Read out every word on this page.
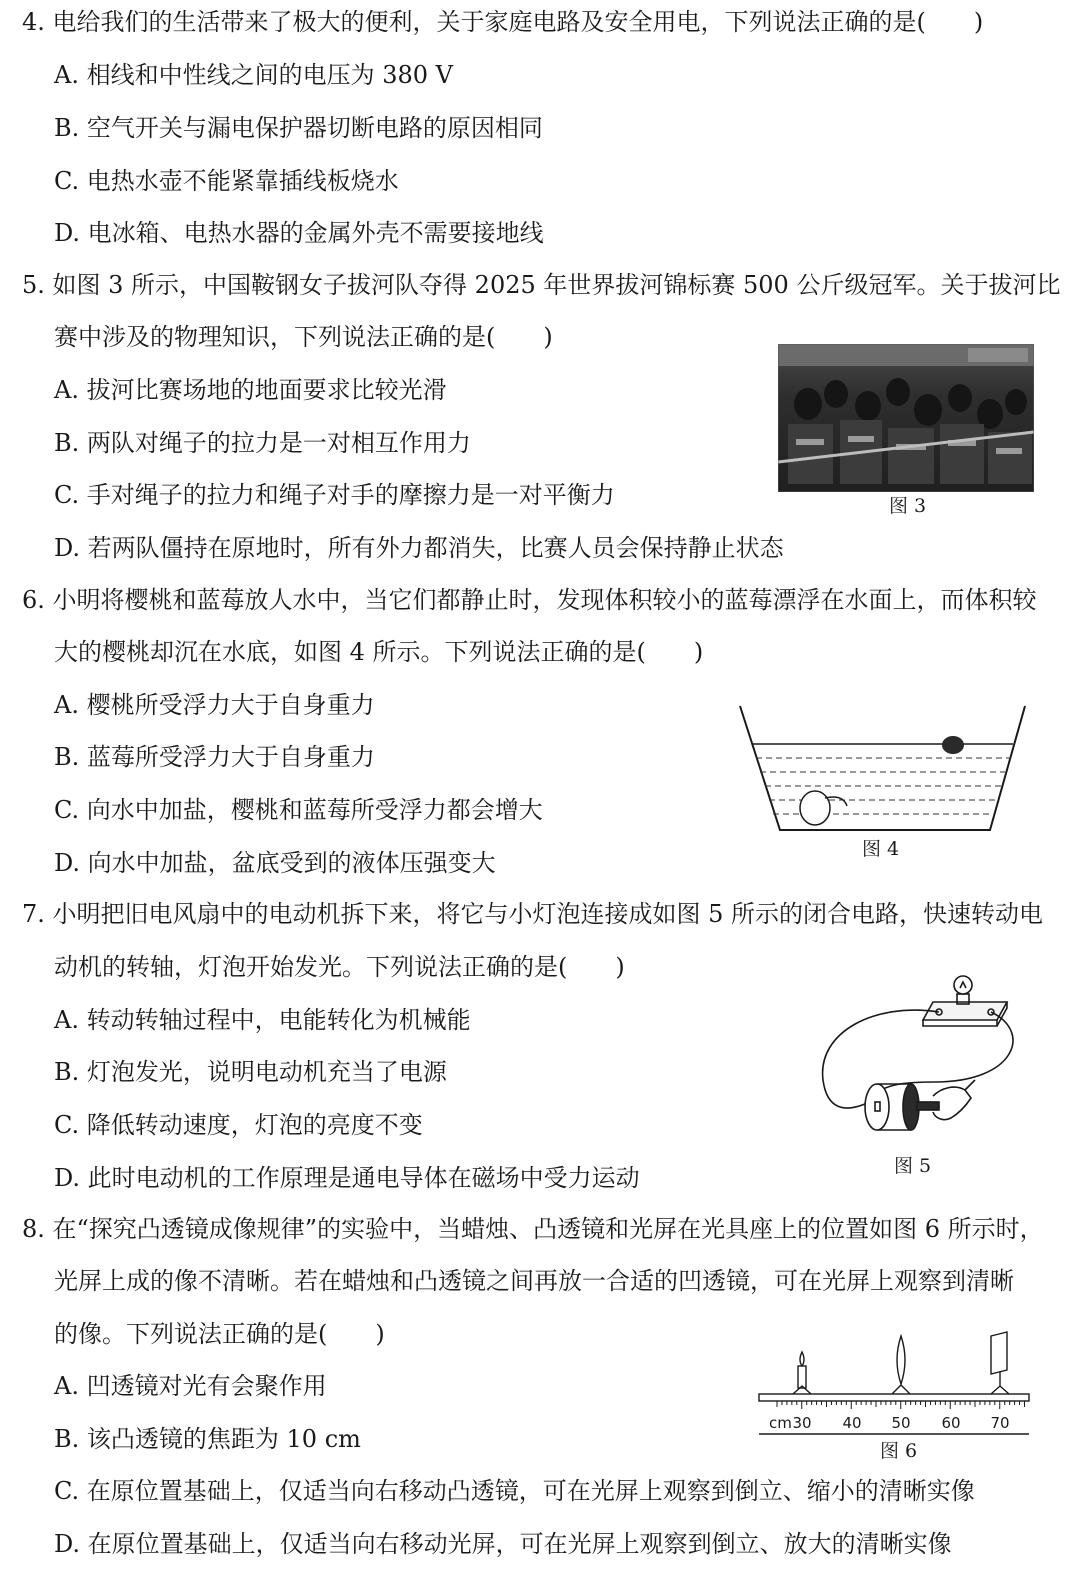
4. 电给我们的生活带来了极大的便利，关于家庭电路及安全用电，下列说法正确的是(　　)
A. 相线和中性线之间的电压为 380 V
B. 空气开关与漏电保护器切断电路的原因相同
C. 电热水壶不能紧靠插线板烧水
D. 电冰箱、电热水器的金属外壳不需要接地线
5. 如图 3 所示，中国鞍钢女子拔河队夺得 2025 年世界拔河锦标赛 500 公斤级冠军。关于拔河比
赛中涉及的物理知识，下列说法正确的是(　　)
A. 拔河比赛场地的地面要求比较光滑
B. 两队对绳子的拉力是一对相互作用力
C. 手对绳子的拉力和绳子对手的摩擦力是一对平衡力
D. 若两队僵持在原地时，所有外力都消失，比赛人员会保持静止状态
图 3
6. 小明将樱桃和蓝莓放人水中，当它们都静止时，发现体积较小的蓝莓漂浮在水面上，而体积较
大的樱桃却沉在水底，如图 4 所示。下列说法正确的是(　　)
A. 樱桃所受浮力大于自身重力
B. 蓝莓所受浮力大于自身重力
C. 向水中加盐，樱桃和蓝莓所受浮力都会增大
D. 向水中加盐，盆底受到的液体压强变大	图 4
7. 小明把旧电风扇中的电动机拆下来，将它与小灯泡连接成如图 5 所示的闭合电路，快速转动电
动机的转轴，灯泡开始发光。下列说法正确的是(　　)
A. 转动转轴过程中，电能转化为机械能
B. 灯泡发光，说明电动机充当了电源
C. 降低转动速度，灯泡的亮度不变
D. 此时电动机的工作原理是通电导体在磁场中受力运动	图 5
8. 在“探究凸透镜成像规律”的实验中，当蜡烛、凸透镜和光屏在光具座上的位置如图 6 所示时，
光屏上成的像不清晰。若在蜡烛和凸透镜之间再放一合适的凹透镜，可在光屏上观察到清晰
的像。下列说法正确的是(　　)
A. 凹透镜对光有会聚作用
B. 该凸透镜的焦距为 10 cm
C. 在原位置基础上，仅适当向右移动凸透镜，可在光屏上观察到倒立、缩小的清晰实像
D. 在原位置基础上，仅适当向右移动光屏，可在光屏上观察到倒立、放大的清晰实像
cm 30 40 50 60 70
图 6
